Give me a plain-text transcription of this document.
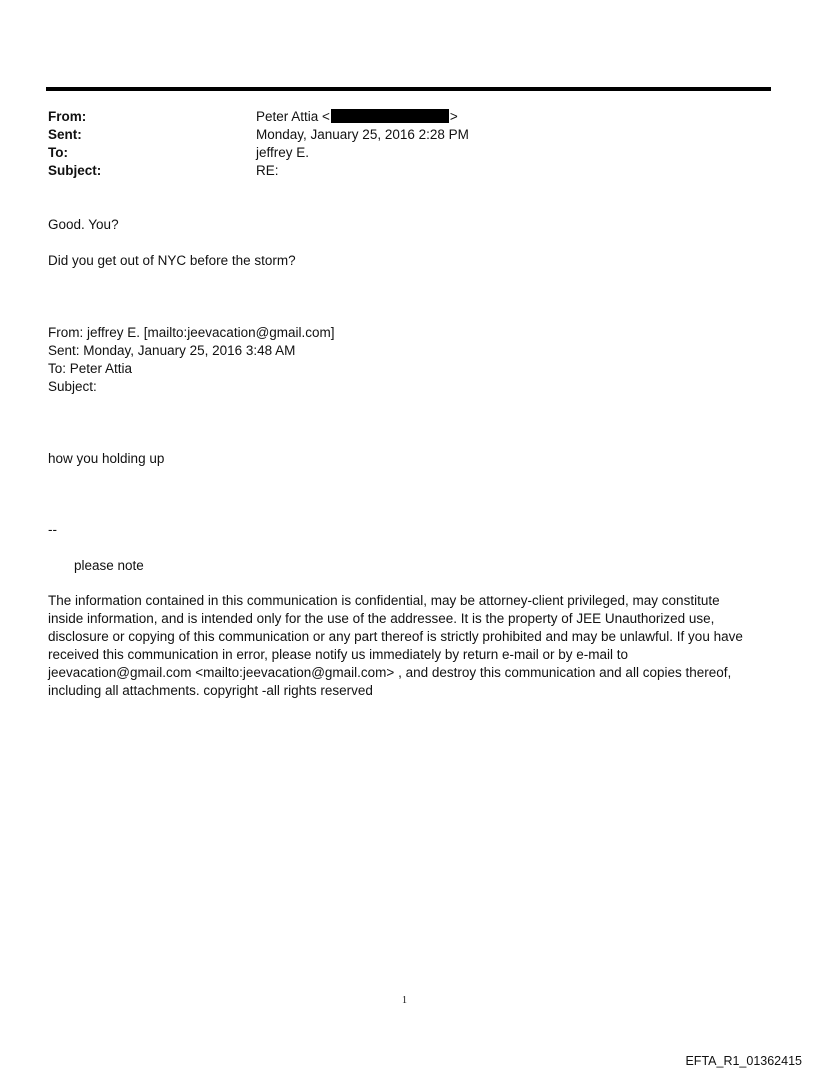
From:	Peter Attia <	>
Sent:	Monday, January 25, 2016 2:28 PM
To:	jeffrey E.
Subject:	RE:
Good. You?
Did you get out of NYC before the storm?
From: jeffrey E. [mailto:jeevacation@gmail.com]
Sent: Monday, January 25, 2016 3:48 AM
To: Peter Attia
Subject:
how you holding up
--
please note
The information contained in this communication is confidential, may be attorney-client privileged, may constitute
inside information, and is intended only for the use of the addressee. It is the property of JEE Unauthorized use,
disclosure or copying of this communication or any part thereof is strictly prohibited and may be unlawful. If you have
received this communication in error, please notify us immediately by return e-mail or by e-mail to
jeevacation@gmail.com <mailto:jeevacation@gmail.com> , and destroy this communication and all copies thereof,
including all attachments. copyright -all rights reserved
1
EFTA_R1_01362415
